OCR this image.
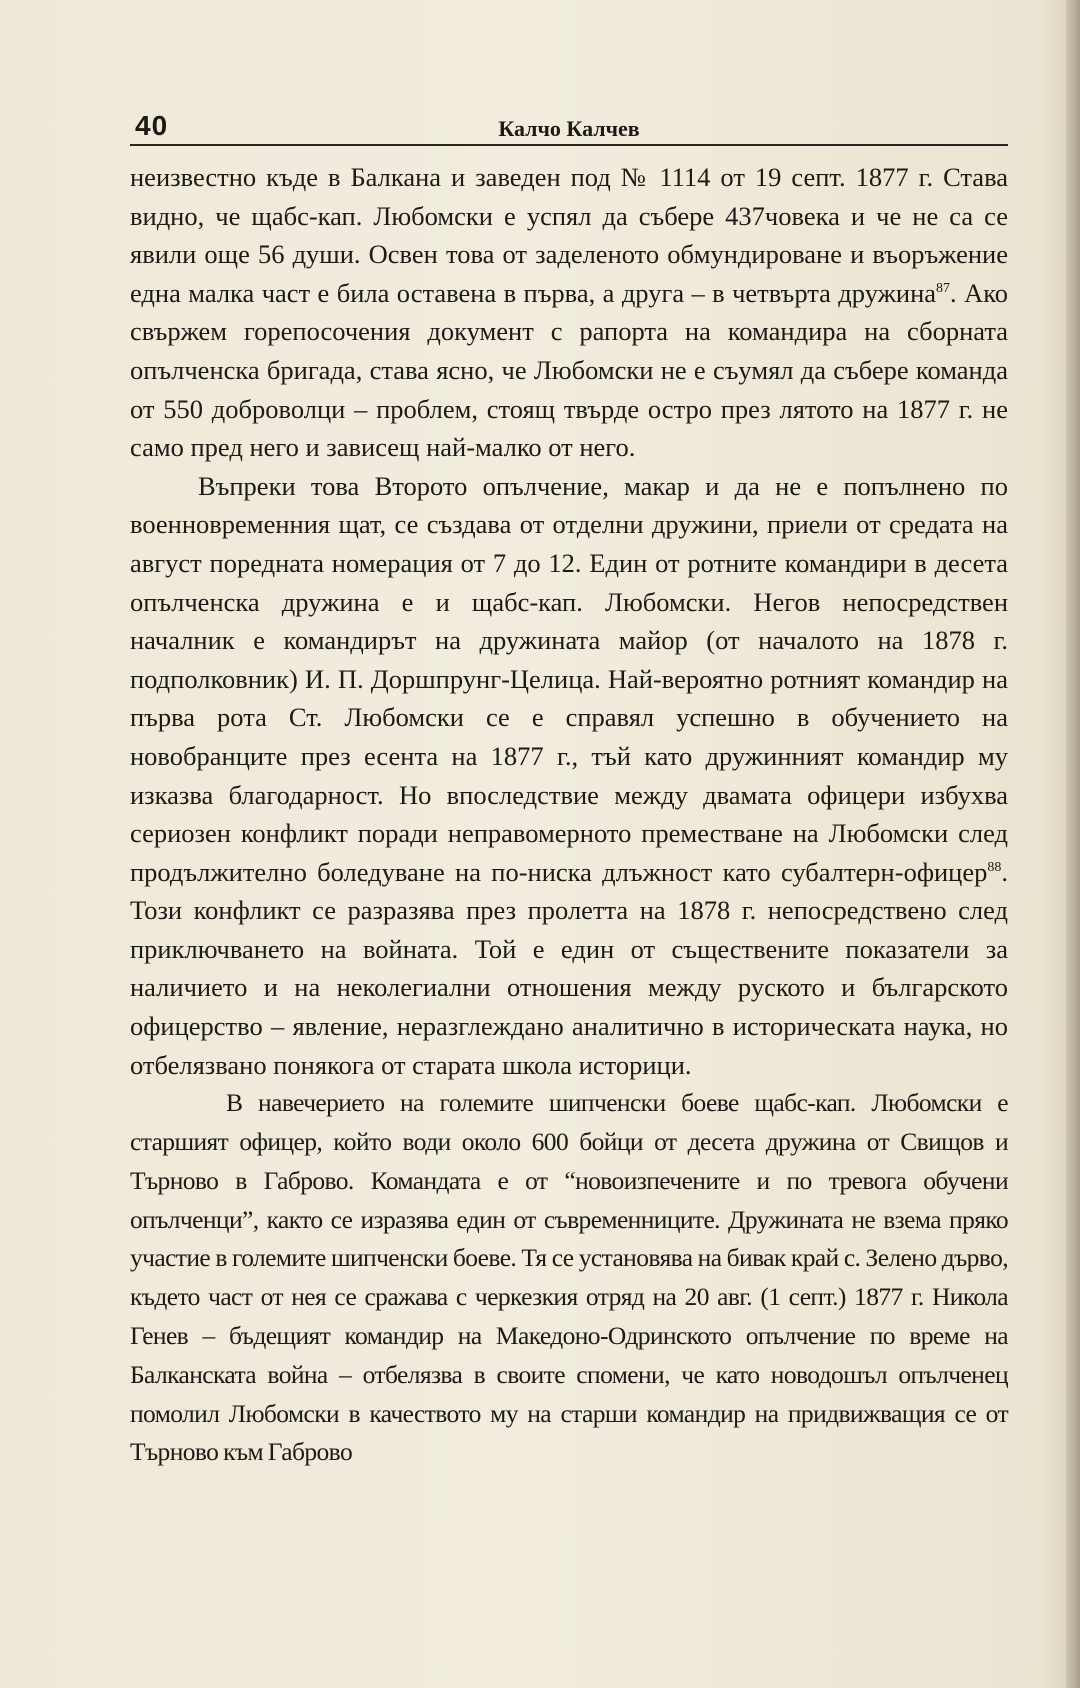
40	Калчо Калчев

неизвестно къде в Балкана и заведен под № 1114 от 19 септ. 1877 г. Става видно, че щабс-кап. Любомски е успял да събере 437човека и че не са се явили още 56 души. Освен това от заделеното обмундироване и въоръжение една малка част е била оставена в първа, а друга – в четвърта дружина$^{87}$. Ако свържем горепосочения документ с рапорта на командира на сборната опълченска бригада, става ясно, че Любомски не е съумял да събере команда от 550 доброволци – проблем, стоящ твърде остро през лятото на 1877 г. не само пред него и зависещ най-малко от него.

Въпреки това Второто опълчение, макар и да не е попълнено по военновременния щат, се създава от отделни дружини, приели от средата на август поредната номерация от 7 до 12. Един от ротните командири в десета опълченска дружина е и щабс-кап. Любомски. Негов непосредствен началник е командирът на дружината майор (от началото на 1878 г. подполковник) И. П. Доршпрунг-Целица. Най-вероятно ротният командир на първа рота Ст. Любомски се е справял успешно в обучението на новобранците през есента на 1877 г., тъй като дружинният командир му изказва благодарност. Но впоследствие между двамата офицери избухва сериозен конфликт поради неправомерното преместване на Любомски след продължително боледуване на по-ниска длъжност като субалтерн-офицер$^{88}$. Този конфликт се разразява през пролетта на 1878 г. непосредствено след приключването на войната. Той е един от съществените показатели за наличието и на неколегиални отношения между руското и българското офицерство – явление, неразглеждано аналитично в историческата наука, но отбелязвано понякога от старата школа историци.

В навечерието на големите шипченски боеве щабс-кап. Любомски е старшият офицер, който води около 600 бойци от десета дружина от Свищов и Търново в Габрово. Командата е от “новоизпечените и по тревога обучени опълченци”, както се изразява един от съвременниците. Дружината не взема пряко участие в големите шипченски боеве. Тя се установява на бивак край с. Зелено дърво, където част от нея се сражава с черкезкия отряд на 20 авг. (1 септ.) 1877 г. Никола Генев – бъдещият командир на Македоно-Одринското опълчение по време на Балканската война – отбелязва в своите спомени, че като новодошъл опълченец помолил Любомски в качеството му на старши командир на придвижващия се от Търново към Габрово
